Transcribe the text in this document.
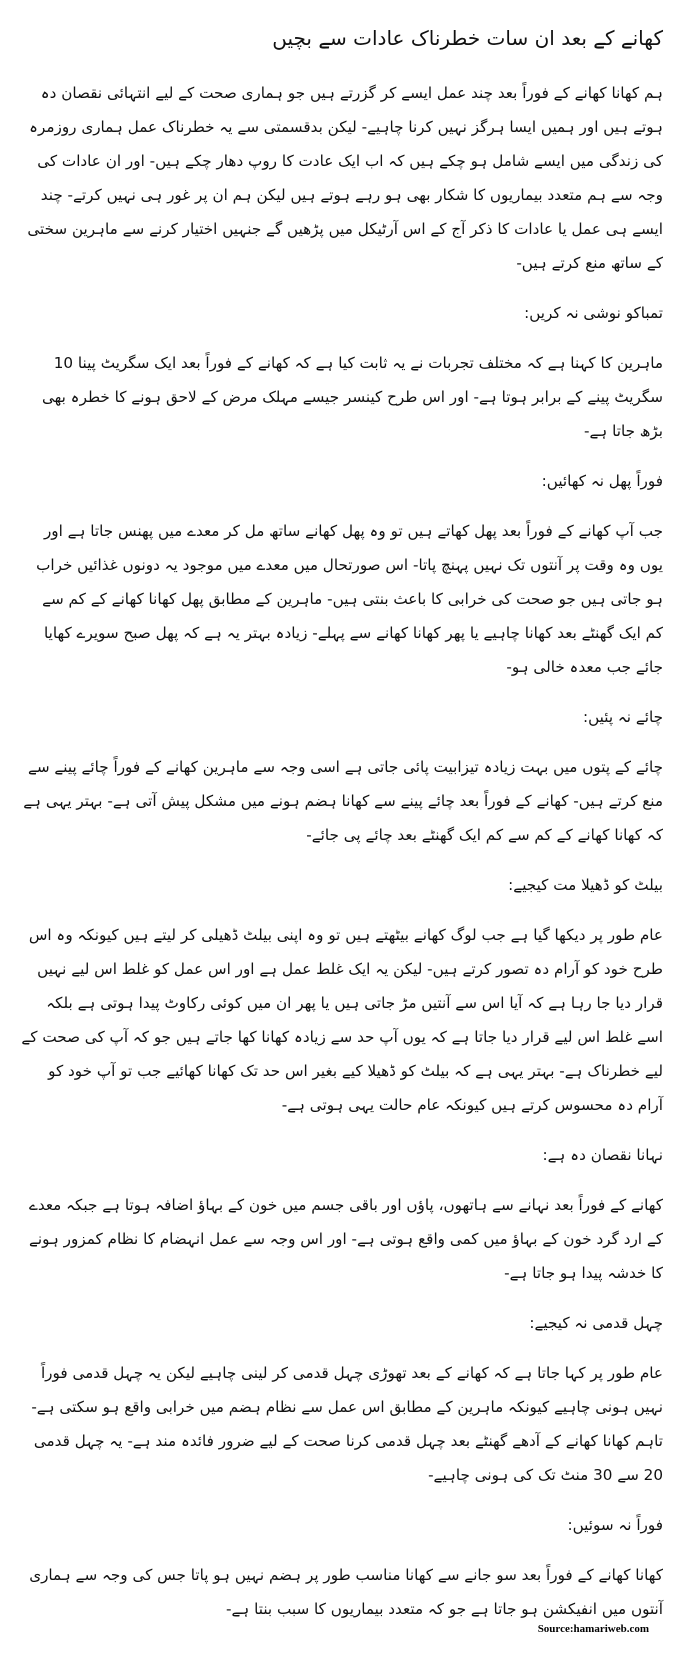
کھانے کے بعد ان سات خطرناک عادات سے بچیں

ہم کھانا کھانے کے فوراً بعد چند عمل ایسے کر گزرتے ہیں جو ہماری صحت کے لیے انتہائی نقصان دہ ہوتے ہیں اور ہمیں ایسا ہرگز نہیں کرنا چاہیے- لیکن بدقسمتی سے یہ خطرناک عمل ہماری روزمرہ کی زندگی میں ایسے شامل ہو چکے ہیں کہ اب ایک عادت کا روپ دھار چکے ہیں- اور ان عادات کی وجہ سے ہم متعدد بیماریوں کا شکار بھی ہو رہے ہوتے ہیں لیکن ہم ان پر غور ہی نہیں کرتے- چند ایسے ہی عمل یا عادات کا ذکر آج کے اس آرٹیکل میں پڑھیں گے جنہیں اختیار کرنے سے ماہرین سختی کے ساتھ منع کرتے ہیں-

تمباکو نوشی نہ کریں:

ماہرین کا کہنا ہے کہ مختلف تجربات نے یہ ثابت کیا ہے کہ کھانے کے فوراً بعد ایک سگریٹ پینا 10 سگریٹ پینے کے برابر ہوتا ہے- اور اس طرح کینسر جیسے مہلک مرض کے لاحق ہونے کا خطرہ بھی بڑھ جاتا ہے-

فوراً پھل نہ کھائیں:

جب آپ کھانے کے فوراً بعد پھل کھاتے ہیں تو وہ پھل کھانے ساتھ مل کر معدے میں پھنس جاتا ہے اور یوں وہ وقت پر آنتوں تک نہیں پہنچ پاتا- اس صورتحال میں معدے میں موجود یہ دونوں غذائیں خراب ہو جاتی ہیں جو صحت کی خرابی کا باعث بنتی ہیں- ماہرین کے مطابق پھل کھانا کھانے کے کم سے کم ایک گھنٹے بعد کھانا چاہیے یا پھر کھانا کھانے سے پہلے- زیادہ بہتر یہ ہے کہ پھل صبح سویرے کھایا جائے جب معدہ خالی ہو-

چائے نہ پئیں:

چائے کے پتوں میں بہت زیادہ تیزابیت پائی جاتی ہے اسی وجہ سے ماہرین کھانے کے فوراً چائے پینے سے منع کرتے ہیں- کھانے کے فوراً بعد چائے پینے سے کھانا ہضم ہونے میں مشکل پیش آتی ہے- بہتر یہی ہے کہ کھانا کھانے کے کم سے کم ایک گھنٹے بعد چائے پی جائے-

بیلٹ کو ڈھیلا مت کیجیے:

عام طور پر دیکھا گیا ہے جب لوگ کھانے بیٹھتے ہیں تو وہ اپنی بیلٹ ڈھیلی کر لیتے ہیں کیونکہ وہ اس طرح خود کو آرام دہ تصور کرتے ہیں- لیکن یہ ایک غلط عمل ہے اور اس عمل کو غلط اس لیے نہیں قرار دیا جا رہا ہے کہ آیا اس سے آنتیں مڑ جاتی ہیں یا پھر ان میں کوئی رکاوٹ پیدا ہوتی ہے بلکہ اسے غلط اس لیے قرار دیا جاتا ہے کہ یوں آپ حد سے زیادہ کھانا کھا جاتے ہیں جو کہ آپ کی صحت کے لیے خطرناک ہے- بہتر یہی ہے کہ بیلٹ کو ڈھیلا کیے بغیر اس حد تک کھانا کھائیے جب تو آپ خود کو آرام دہ محسوس کرتے ہیں کیونکہ عام حالت یہی ہوتی ہے-

نہانا نقصان دہ ہے:

کھانے کے فوراً بعد نہانے سے ہاتھوں، پاؤں اور باقی جسم میں خون کے بہاؤ اضافہ ہوتا ہے جبکہ معدے کے ارد گرد خون کے بہاؤ میں کمی واقع ہوتی ہے- اور اس وجہ سے عمل انہضام کا نظام کمزور ہونے کا خدشہ پیدا ہو جاتا ہے-

چہل قدمی نہ کیجیے:

عام طور پر کہا جاتا ہے کہ کھانے کے بعد تھوڑی چہل قدمی کر لینی چاہیے لیکن یہ چہل قدمی فوراً نہیں ہونی چاہیے کیونکہ ماہرین کے مطابق اس عمل سے نظام ہضم میں خرابی واقع ہو سکتی ہے- تاہم کھانا کھانے کے آدھے گھنٹے بعد چہل قدمی کرنا صحت کے لیے ضرور فائدہ مند ہے- یہ چہل قدمی 20 سے 30 منٹ تک کی ہونی چاہیے-

فوراً نہ سوئیں:

کھانا کھانے کے فوراً بعد سو جانے سے کھانا مناسب طور پر ہضم نہیں ہو پاتا جس کی وجہ سے ہماری آنتوں میں انفیکشن ہو جاتا ہے جو کہ متعدد بیماریوں کا سبب بنتا ہے-

Source:hamariweb.com
